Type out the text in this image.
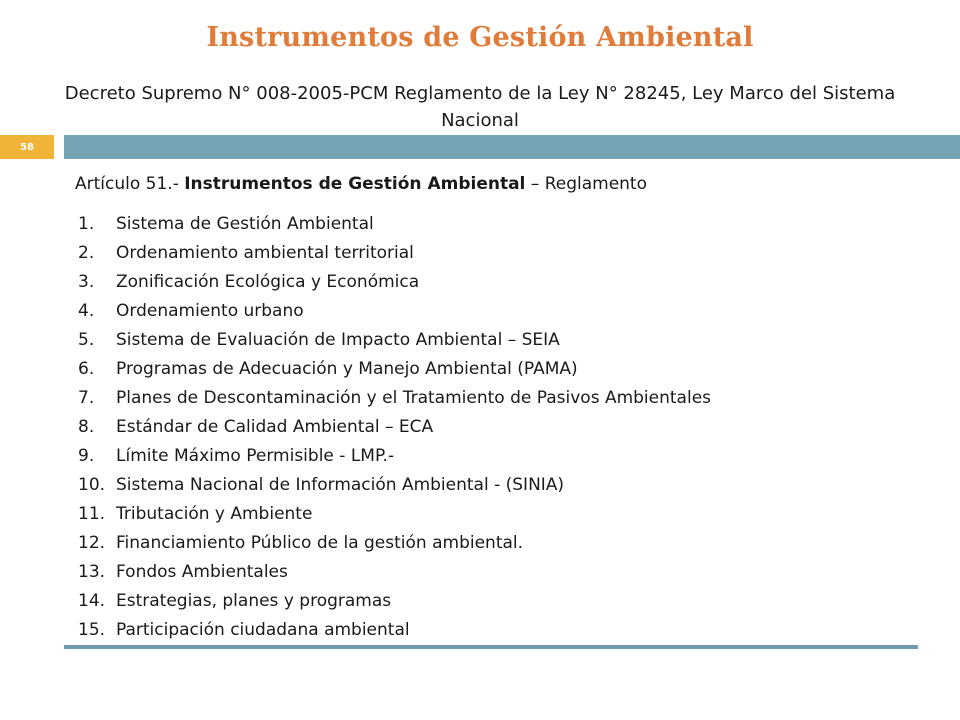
Instrumentos de Gestión Ambiental
Decreto Supremo N° 008-2005-PCM Reglamento de la Ley N° 28245, Ley Marco del Sistema Nacional
58
Artículo 51.- Instrumentos de Gestión Ambiental – Reglamento
1.	Sistema de Gestión Ambiental
2.	Ordenamiento ambiental territorial
3.	Zonificación Ecológica y Económica
4.	Ordenamiento urbano
5.	Sistema de Evaluación de Impacto Ambiental – SEIA
6.	Programas de Adecuación y Manejo Ambiental (PAMA)
7.	Planes de Descontaminación y el Tratamiento de Pasivos Ambientales
8.	Estándar de Calidad Ambiental – ECA
9.	Límite Máximo Permisible - LMP.-
10. Sistema Nacional de Información Ambiental - (SINIA)
11. Tributación y Ambiente
12. Financiamiento Público de la gestión ambiental.
13. Fondos Ambientales
14. Estrategias, planes y programas
15. Participación ciudadana ambiental
